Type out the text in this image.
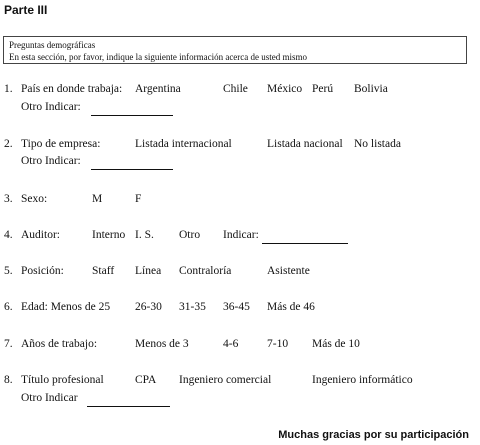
Parte III
Preguntas demográficas
En esta sección, por favor, indique la siguiente información acerca de usted mismo
1. País en donde trabaja: Argentina	Chile México Perú Bolivia
Otro Indicar:
2. Tipo de empresa:	Listada internacional	Listada nacional No listada
Otro Indicar:
3. Sexo:	M	F
4. Auditor:	Interno I. S. Otro Indicar:
5. Posición: Staff Línea Contraloría	Asistente
6. Edad: Menos de 25 26-30 31-35 36-45 Más de 46
7. Años de trabajo:	Menos de 3	4-6 7-10 Más de 10
8. Título profesional	CPA Ingeniero comercial	Ingeniero informático
Otro Indicar
Muchas gracias por su participación
